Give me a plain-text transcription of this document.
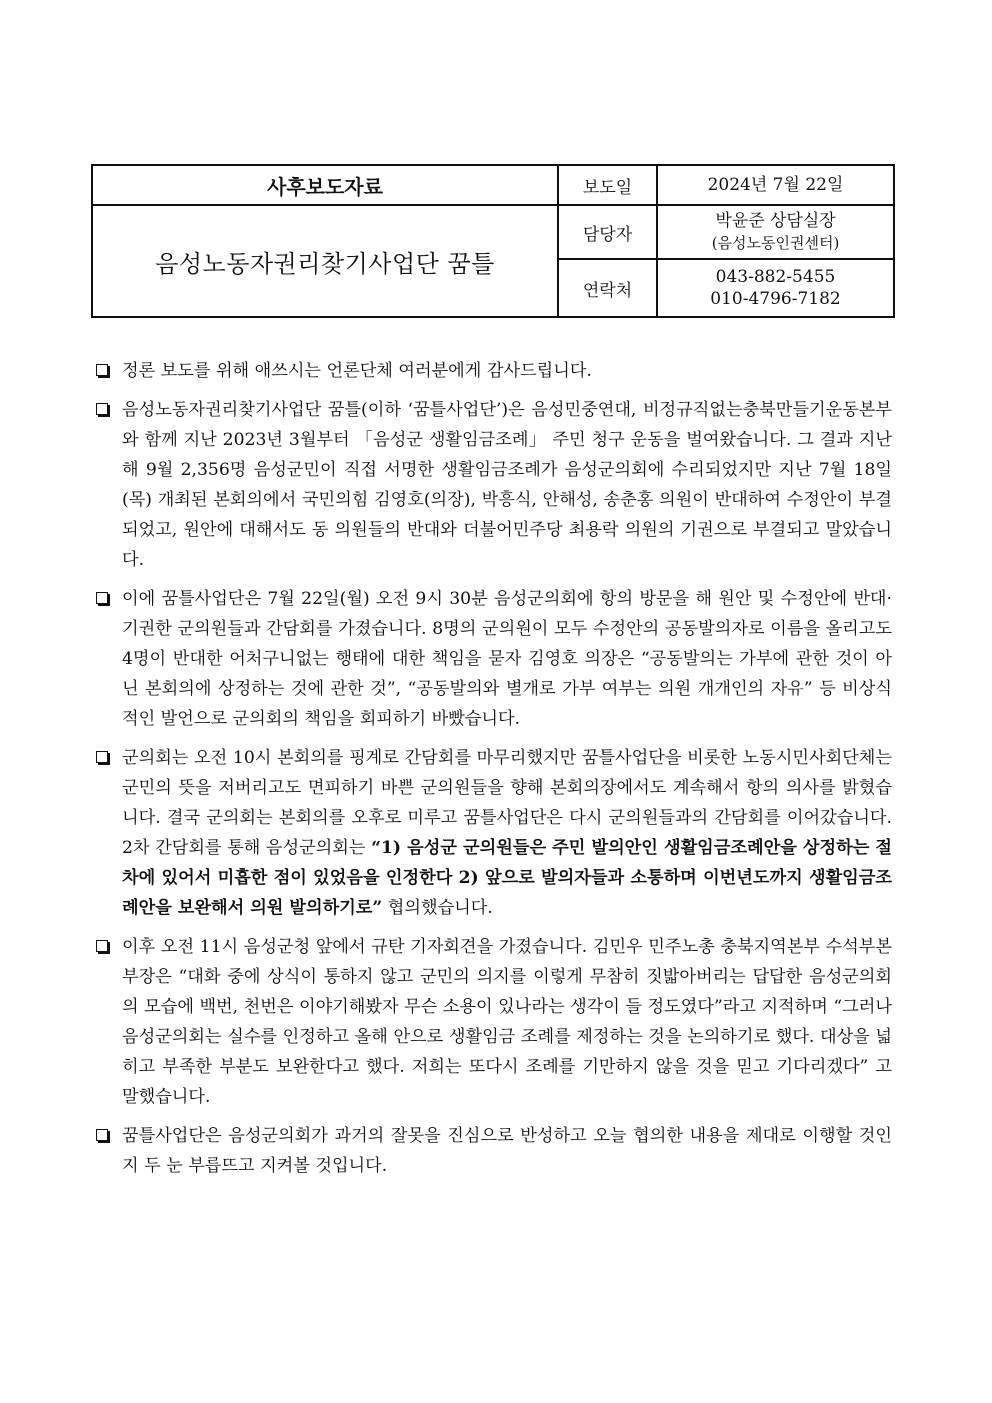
사후보도자료	보도일	2024년 7월 22일
음성노동자권리찾기사업단 꿈틀	담당자	박윤준 상담실장
(음성노동인권센터)

	연락처	043-882-5455
010-4796-7182
정론 보도를 위해 애쓰시는 언론단체 여러분에게 감사드립니다.
음성노동자권리찾기사업단 꿈틀(이하 ‘꿈틀사업단’)은 음성민중연대, 비정규직없는충북만들기운동본부와 함께 지난 2023년 3월부터 「음성군 생활임금조례」 주민 청구 운동을 벌여왔습니다. 그 결과 지난해 9월 2,356명 음성군민이 직접 서명한 생활임금조례가 음성군의회에 수리되었지만 지난 7월 18일 (목) 개최된 본회의에서 국민의힘 김영호(의장), 박흥식, 안해성, 송춘홍 의원이 반대하여 수정안이 부결되었고, 원안에 대해서도 동 의원들의 반대와 더불어민주당 최용락 의원의 기권으로 부결되고 말았습니다.
이에 꿈틀사업단은 7월 22일(월) 오전 9시 30분 음성군의회에 항의 방문을 해 원안 및 수정안에 반대·기권한 군의원들과 간담회를 가졌습니다. 8명의 군의원이 모두 수정안의 공동발의자로 이름을 올리고도 4명이 반대한 어처구니없는 행태에 대한 책임을 묻자 김영호 의장은 “공동발의는 가부에 관한 것이 아닌 본회의에 상정하는 것에 관한 것”, “공동발의와 별개로 가부 여부는 의원 개개인의 자유” 등 비상식적인 발언으로 군의회의 책임을 회피하기 바빴습니다.
군의회는 오전 10시 본회의를 핑계로 간담회를 마무리했지만 꿈틀사업단을 비롯한 노동시민사회단체는 군민의 뜻을 저버리고도 면피하기 바쁜 군의원들을 향해 본회의장에서도 계속해서 항의 의사를 밝혔습니다. 결국 군의회는 본회의를 오후로 미루고 꿈틀사업단은 다시 군의원들과의 간담회를 이어갔습니다. 2차 간담회를 통해 음성군의회는 “1) 음성군 군의원들은 주민 발의안인 생활임금조례안을 상정하는 절차에 있어서 미흡한 점이 있었음을 인정한다 2) 앞으로 발의자들과 소통하며 이번년도까지 생활임금조례안을 보완해서 의원 발의하기로” 협의했습니다.
이후 오전 11시 음성군청 앞에서 규탄 기자회견을 가졌습니다. 김민우 민주노총 충북지역본부 수석부본부장은 “대화 중에 상식이 통하지 않고 군민의 의지를 이렇게 무참히 짓밟아버리는 답답한 음성군의회의 모습에 백번, 천번은 이야기해봤자 무슨 소용이 있나라는 생각이 들 정도였다”라고 지적하며 “그러나 음성군의회는 실수를 인정하고 올해 안으로 생활임금 조례를 제정하는 것을 논의하기로 했다. 대상을 넓히고 부족한 부분도 보완한다고 했다. 저희는 또다시 조례를 기만하지 않을 것을 믿고 기다리겠다” 고 말했습니다.
꿈틀사업단은 음성군의회가 과거의 잘못을 진심으로 반성하고 오늘 협의한 내용을 제대로 이행할 것인지 두 눈 부릅뜨고 지켜볼 것입니다.
